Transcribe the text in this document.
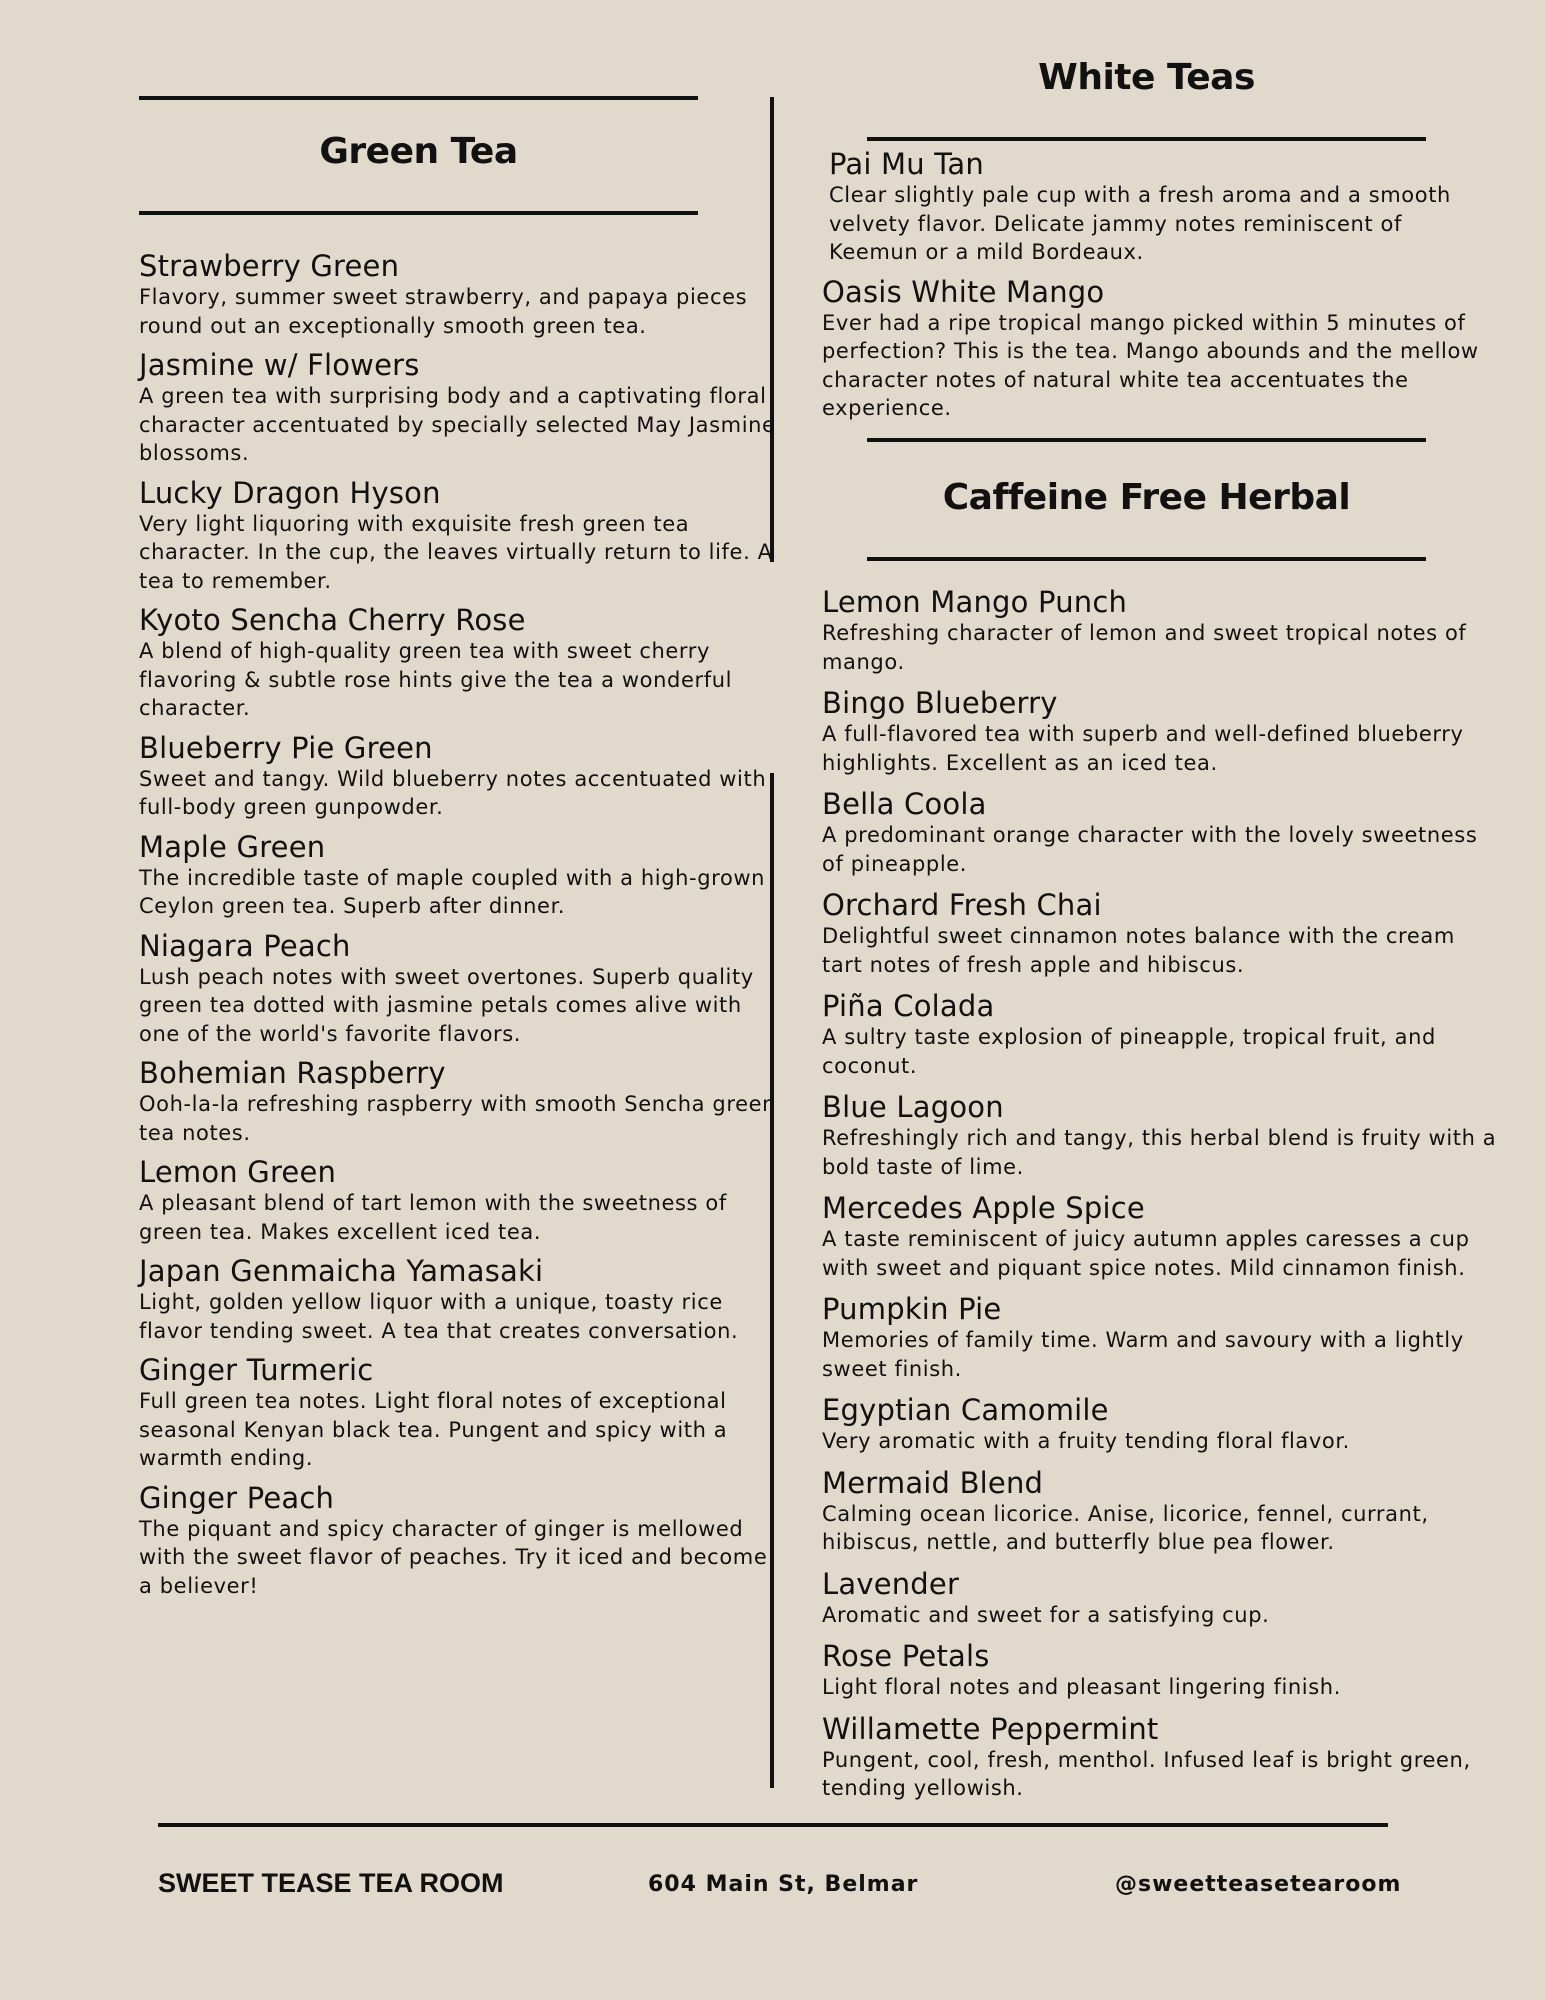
Green Tea
White Teas
Caffeine Free Herbal
Strawberry Green

Flavory, summer sweet strawberry, and papaya pieces round out an exceptionally smooth green tea.

Jasmine w/ Flowers

A green tea with surprising body and a captivating floral character accentuated by specially selected May Jasmine blossoms.

Lucky Dragon Hyson

Very light liquoring with exquisite fresh green tea character. In the cup, the leaves virtually return to life. A tea to remember.

Kyoto Sencha Cherry Rose

A blend of high-quality green tea with sweet cherry flavoring & subtle rose hints give the tea a wonderful character.

Blueberry Pie Green

Sweet and tangy. Wild blueberry notes accentuated with full-body green gunpowder.

Maple Green

The incredible taste of maple coupled with a high-grown Ceylon green tea. Superb after dinner.

Niagara Peach

Lush peach notes with sweet overtones. Superb quality green tea dotted with jasmine petals comes alive with one of the world's favorite flavors.

Bohemian Raspberry

Ooh-la-la refreshing raspberry with smooth Sencha green tea notes.

Lemon Green

A pleasant blend of tart lemon with the sweetness of green tea. Makes excellent iced tea.

Japan Genmaicha Yamasaki

Light, golden yellow liquor with a unique, toasty rice flavor tending sweet. A tea that creates conversation.

Ginger Turmeric

Full green tea notes. Light floral notes of exceptional seasonal Kenyan black tea. Pungent and spicy with a warmth ending.

Ginger Peach

The piquant and spicy character of ginger is mellowed with the sweet flavor of peaches. Try it iced and become a believer!

Pai Mu Tan

Clear slightly pale cup with a fresh aroma and a smooth velvety flavor. Delicate jammy notes reminiscent of Keemun or a mild Bordeaux.

Oasis White Mango

Ever had a ripe tropical mango picked within 5 minutes of perfection? This is the tea. Mango abounds and the mellow character notes of natural white tea accentuates the experience.

Lemon Mango Punch

Refreshing character of lemon and sweet tropical notes of mango.

Bingo Blueberry

A full-flavored tea with superb and well-defined blueberry highlights. Excellent as an iced tea.

Bella Coola

A predominant orange character with the lovely sweetness of pineapple.

Orchard Fresh Chai

Delightful sweet cinnamon notes balance with the cream tart notes of fresh apple and hibiscus.

Piña Colada

A sultry taste explosion of pineapple, tropical fruit, and coconut.

Blue Lagoon

Refreshingly rich and tangy, this herbal blend is fruity with a bold taste of lime.

Mercedes Apple Spice

A taste reminiscent of juicy autumn apples caresses a cup with sweet and piquant spice notes. Mild cinnamon finish.

Pumpkin Pie

Memories of family time. Warm and savoury with a lightly sweet finish.

Egyptian Camomile

Very aromatic with a fruity tending floral flavor.

Mermaid Blend

Calming ocean licorice. Anise, licorice, fennel, currant, hibiscus, nettle, and butterfly blue pea flower.

Lavender

Aromatic and sweet for a satisfying cup.

Rose Petals

Light floral notes and pleasant lingering finish.

Willamette Peppermint

Pungent, cool, fresh, menthol. Infused leaf is bright green, tending yellowish.

SWEET TEASE TEA ROOM	604 Main St, Belmar	@sweetteasetearoom
